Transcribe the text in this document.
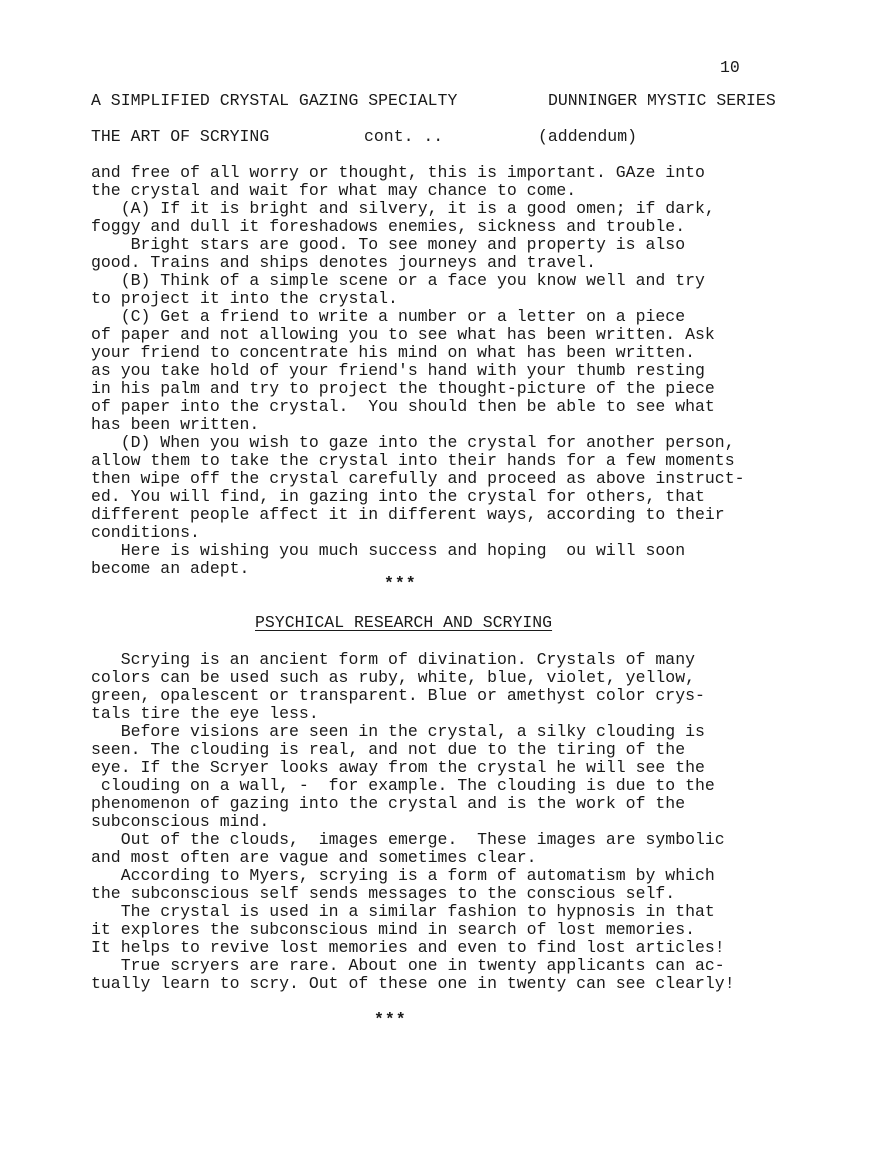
10
A SIMPLIFIED CRYSTAL GAZING SPECIALTY	DUNNINGER MYSTIC SERIES
THE ART OF SCRYING	cont. ..	(addendum)
and free of all worry or thought, this is important. GAze into
the crystal and wait for what may chance to come.
(A) If it is bright and silvery, it is a good omen; if dark,
foggy and dull it foreshadows enemies, sickness and trouble.
Bright stars are good. To see money and property is also
good. Trains and ships denotes journeys and travel.
(B) Think of a simple scene or a face you know well and try
to project it into the crystal.
(C) Get a friend to write a number or a letter on a piece
of paper and not allowing you to see what has been written. Ask
your friend to concentrate his mind on what has been written.
as you take hold of your friend's hand with your thumb resting
in his palm and try to project the thought-picture of the piece
of paper into the crystal.  You should then be able to see what
has been written.
(D) When you wish to gaze into the crystal for another person,
allow them to take the crystal into their hands for a few moments
then wipe off the crystal carefully and proceed as above instruct-
ed. You will find, in gazing into the crystal for others, that
different people affect it in different ways, according to their
conditions.
Here is wishing you much success and hoping  ou will soon
become an adept.
***
PSYCHICAL RESEARCH AND SCRYING
Scrying is an ancient form of divination. Crystals of many
colors can be used such as ruby, white, blue, violet, yellow,
green, opalescent or transparent. Blue or amethyst color crys-
tals tire the eye less.
Before visions are seen in the crystal, a silky clouding is
seen. The clouding is real, and not due to the tiring of the
eye. If the Scryer looks away from the crystal he will see the
clouding on a wall, -  for example. The clouding is due to the
phenomenon of gazing into the crystal and is the work of the
subconscious mind.
Out of the clouds,  images emerge.  These images are symbolic
and most often are vague and sometimes clear.
According to Myers, scrying is a form of automatism by which
the subconscious self sends messages to the conscious self.
The crystal is used in a similar fashion to hypnosis in that
it explores the subconscious mind in search of lost memories.
It helps to revive lost memories and even to find lost articles!
True scryers are rare. About one in twenty applicants can ac-
tually learn to scry. Out of these one in twenty can see clearly!
***
